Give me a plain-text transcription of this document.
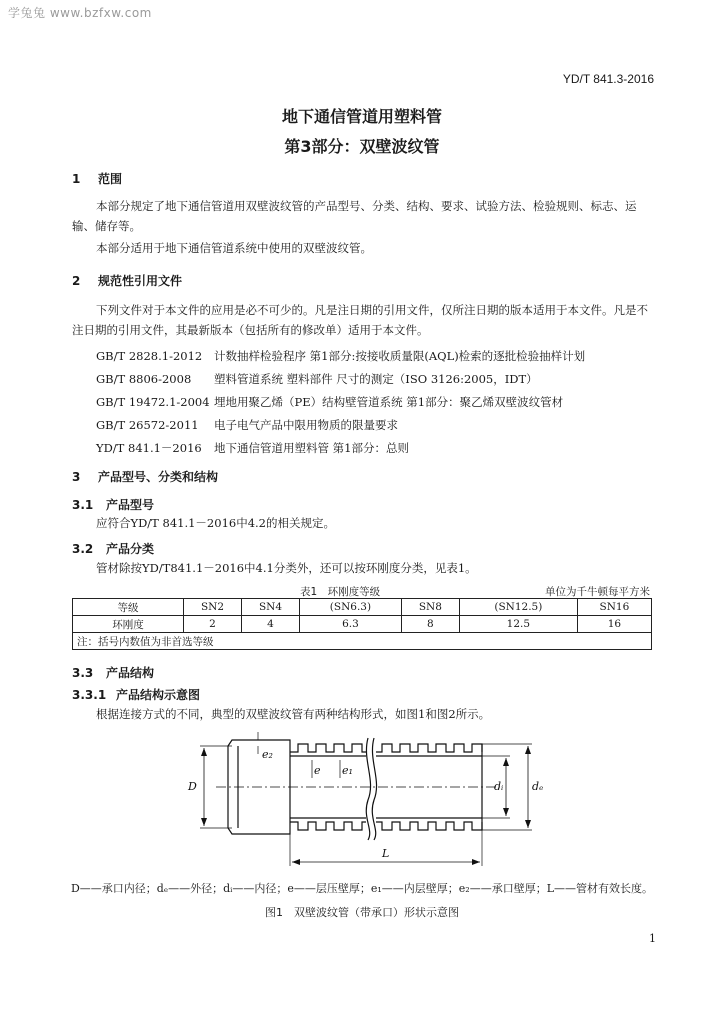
学兔兔 www.bzfxw.com
YD/T 841.3-2016
地下通信管道用塑料管
第3部分：双壁波纹管
1 范围
本部分规定了地下通信管道用双壁波纹管的产品型号、分类、结构、要求、试验方法、检验规则、标志、运输、储存等。
本部分适用于地下通信管道系统中使用的双壁波纹管。
2 规范性引用文件
下列文件对于本文件的应用是必不可少的。凡是注日期的引用文件，仅所注日期的版本适用于本文件。凡是不注日期的引用文件，其最新版本（包括所有的修改单）适用于本文件。
GB/T 2828.1-2012 计数抽样检验程序 第1部分:按接收质量限(AQL)检索的逐批检验抽样计划
GB/T 8806-2008 塑料管道系统 塑料部件 尺寸的测定（ISO 3126:2005，IDT）
GB/T 19472.1-2004 埋地用聚乙烯（PE）结构壁管道系统 第1部分：聚乙烯双壁波纹管材
GB/T 26572-2011 电子电气产品中限用物质的限量要求
YD/T 841.1－2016 地下通信管道用塑料管 第1部分：总则
3 产品型号、分类和结构
3.1 产品型号
应符合YD/T 841.1－2016中4.2的相关规定。
3.2 产品分类
管材除按YD/T841.1－2016中4.1分类外，还可以按环刚度分类，见表1。
表1　环刚度等级	单位为千牛顿每平方米
等级	SN2	SN4	(SN6.3)	SN8	(SN12.5)	SN16
环刚度	2	4	6.3	8	12.5	16
注：括号内数值为非首选等级						
3.3 产品结构
3.3.1 产品结构示意图
根据连接方式的不同，典型的双壁波纹管有两种结构形式，如图1和图2所示。
D
e₂
e e₁
dᵢ	dₑ
L
D——承口内径；dₑ——外径；dᵢ——内径；e——层压壁厚；e₁——内层壁厚；e₂——承口壁厚；L——管材有效长度。
图1　双壁波纹管（带承口）形状示意图
1
